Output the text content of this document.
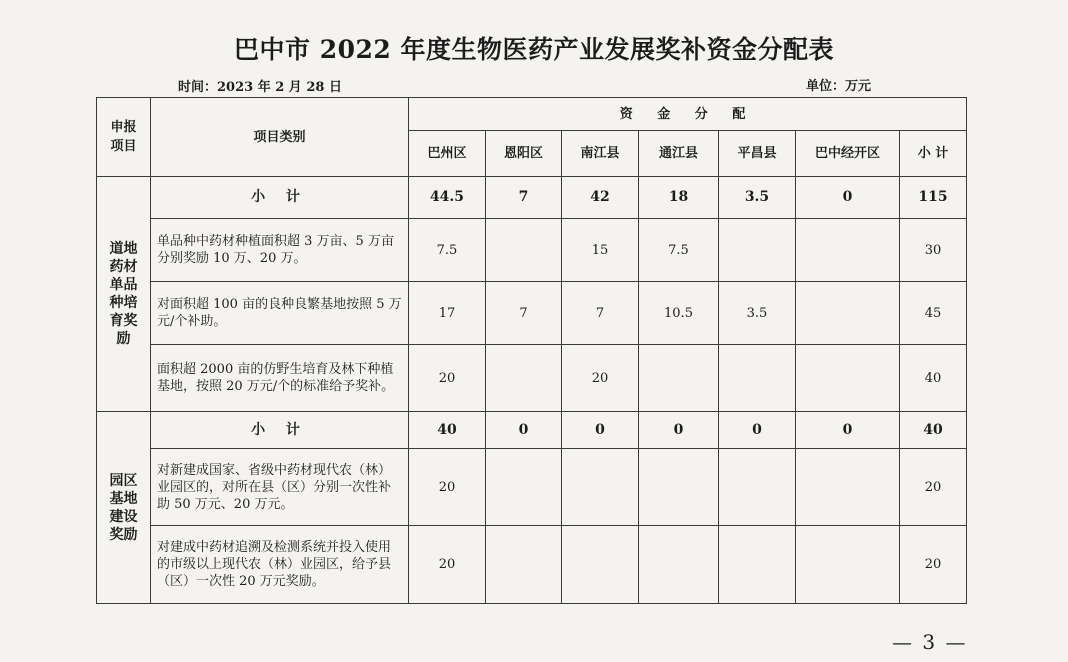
巴中市 2022 年度生物医药产业发展奖补资金分配表
时间：2023 年 2 月 28 日	单位：万元
申报项目	项目类别	资 金 分 配						
		巴州区	恩阳区	南江县	通江县	平昌县	巴中经开区	小 计

道地药材单品种培育奖励	小 计	44.5	7	42	18	3.5	0	115
	单品种中药材种植面积超 3 万亩、5 万亩分别奖励 10 万、20 万。	7.5		15	7.5			30
	对面积超 100 亩的良种良繁基地按照 5 万元/个补助。	17	7	7	10.5	3.5		45
	面积超 2000 亩的仿野生培育及林下种植基地，按照 20 万元/个的标准给予奖补。	20		20				40

园区基地建设奖励	小 计	40	0	0	0	0	0	40
	对新建成国家、省级中药材现代农（林）业园区的，对所在县（区）分别一次性补助 50 万元、20 万元。	20						20
	对建成中药材追溯及检测系统并投入使用的市级以上现代农（林）业园区，给予县（区）一次性 20 万元奖励。	20						20
— 3 —
